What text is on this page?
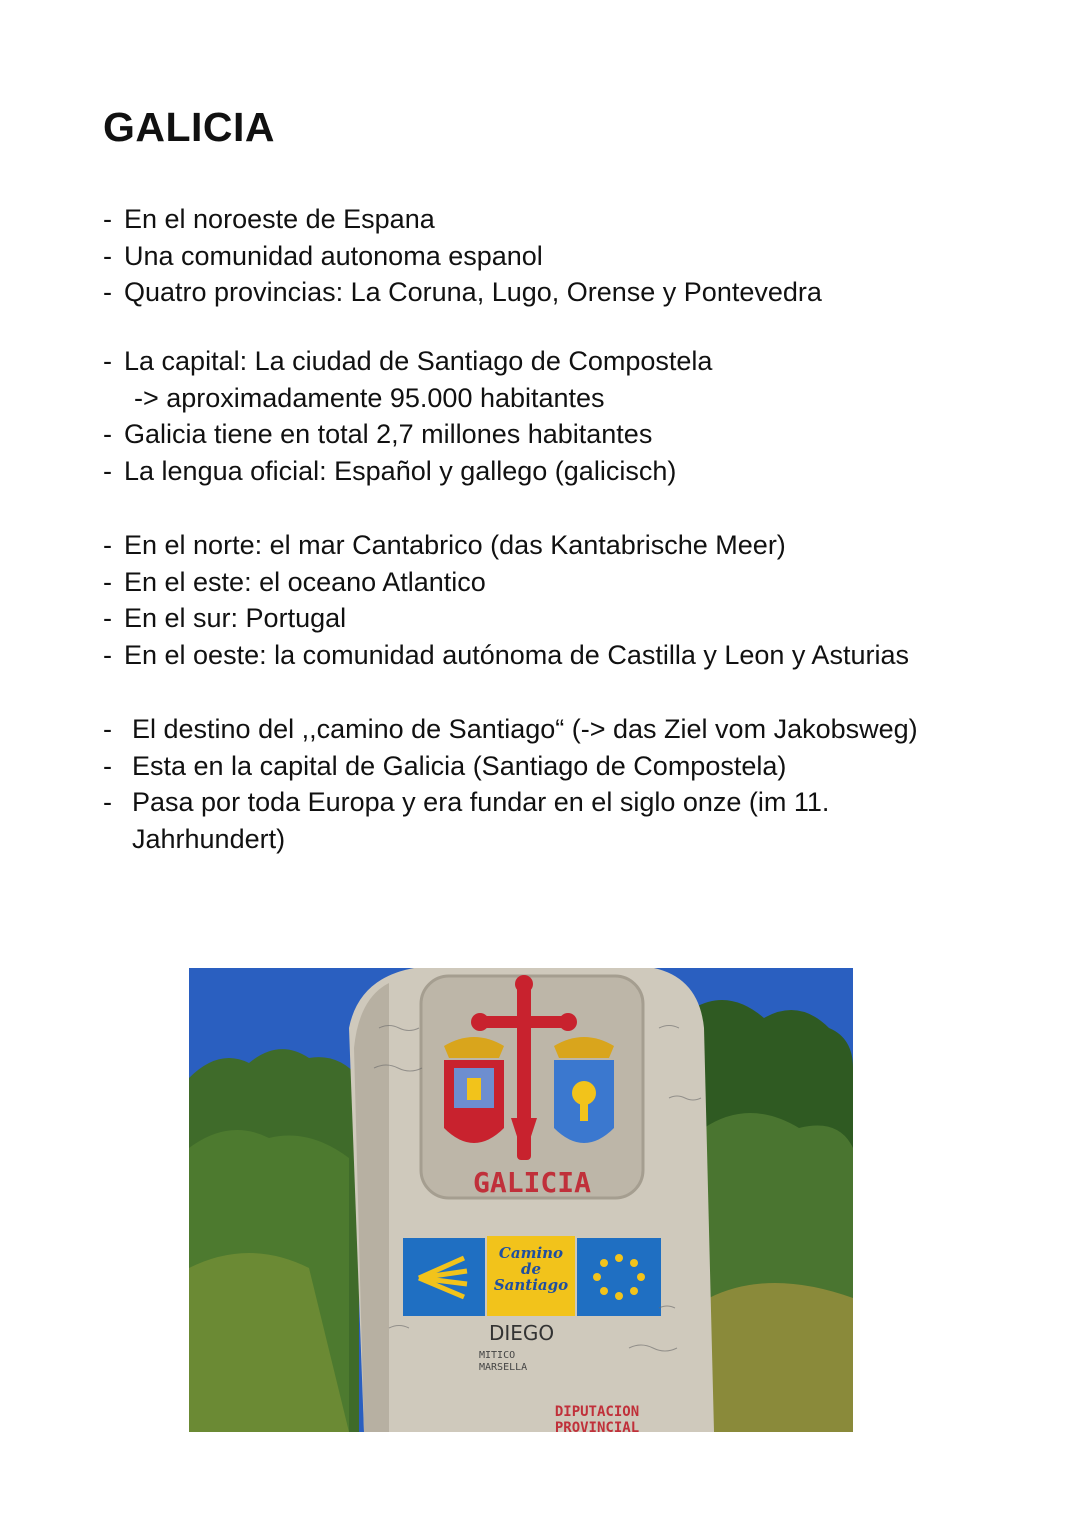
GALICIA
- En el noroeste de Espana
- Una comunidad autonoma espanol
- Quatro provincias: La Coruna, Lugo, Orense y Pontevedra
- La capital: La ciudad de Santiago de Compostela
-> aproximadamente 95.000 habitantes
- Galicia tiene en total 2,7 millones habitantes
- La lengua oficial: Español y gallego (galicisch)
- En el norte: el mar Cantabrico (das Kantabrische Meer)
- En el este: el oceano Atlantico
- En el sur: Portugal
- En el oeste: la comunidad autónoma de Castilla y Leon y Asturias
- El destino del ,,camino de Santiago“ (-> das Ziel vom Jakobsweg)
- Esta en la capital de Galicia (Santiago de Compostela)
- Pasa por toda Europa y era fundar en el siglo onze (im 11.
Jahrhundert)
GALICIA
Camino
de
Santiago
DIEGO
MITICO
MARSELLA
DIPUTACION
PROVINCIAL
